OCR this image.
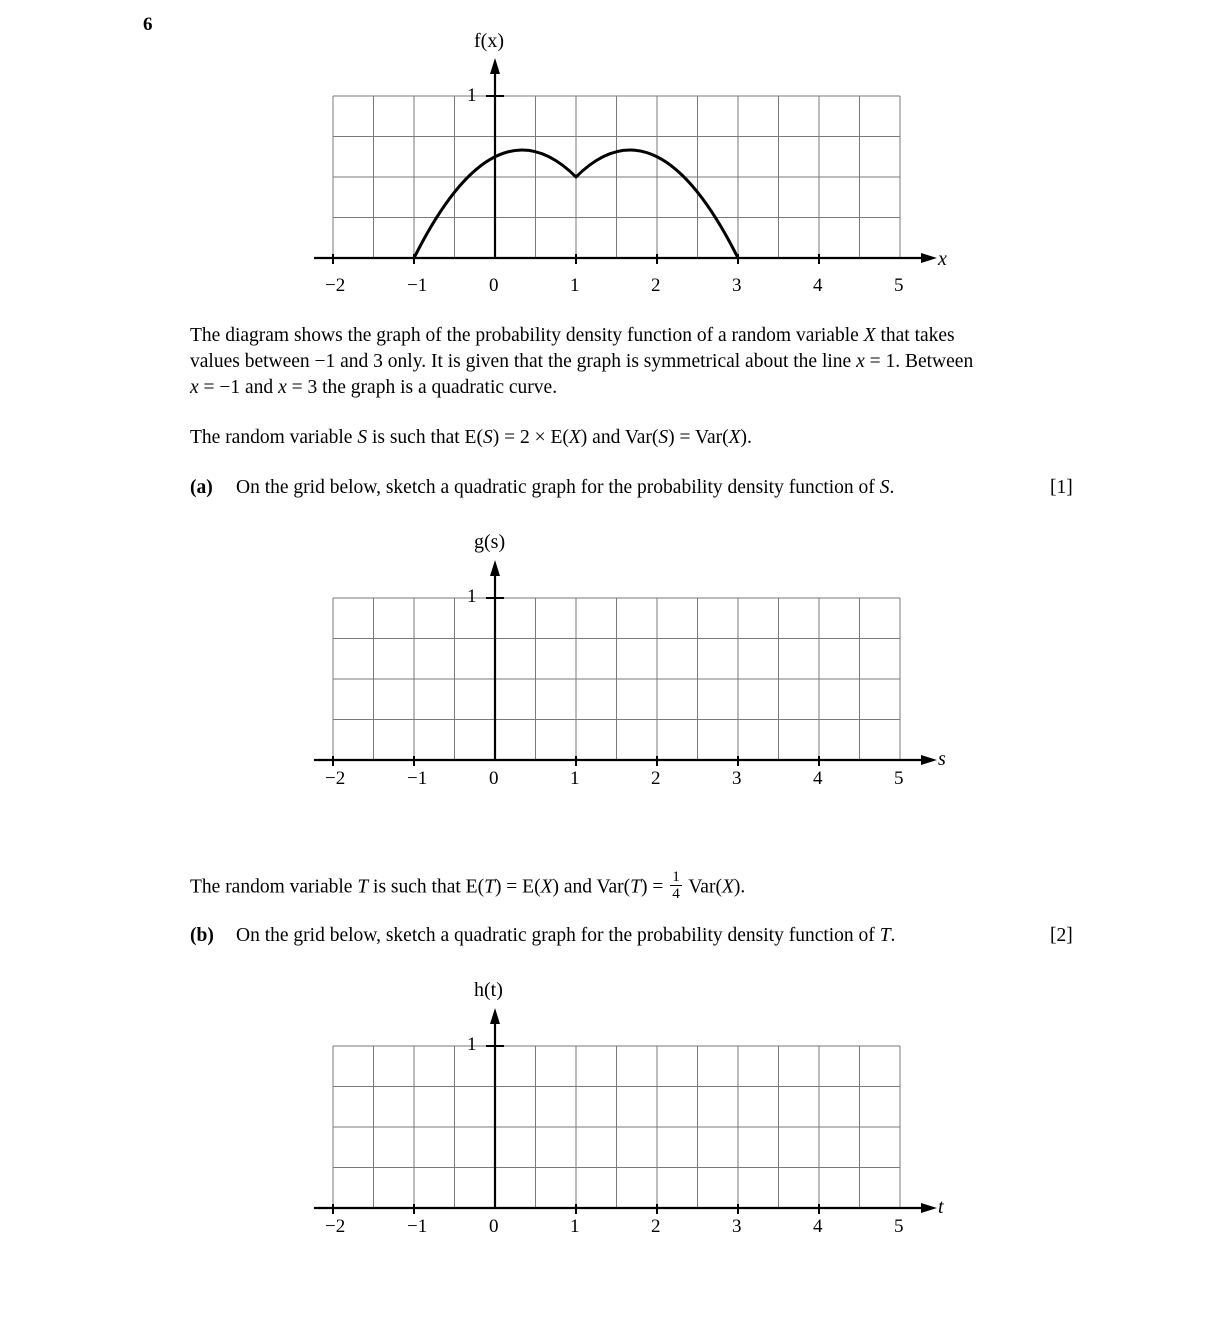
6
f(x)
x
1
−2	−1	0	1	2	3	4	5
The diagram shows the graph of the probability density function of a random variable X that takes
values between −1 and 3 only. It is given that the graph is symmetrical about the line x = 1. Between
x = −1 and x = 3 the graph is a quadratic curve.
The random variable S is such that E(S) = 2 × E(X) and Var(S) = Var(X).
(a) On the grid below, sketch a quadratic graph for the probability density function of S.	[1]
g(s)
s
1
−2	−1	0	1	2	3	4	5
The random variable T is such that E(T) = E(X) and $Var(T) = \frac{1}{4} Var(X)$.
(b) On the grid below, sketch a quadratic graph for the probability density function of T.	[2]
h(t)
t
1
−2	−1	0	1	2	3	4	5
